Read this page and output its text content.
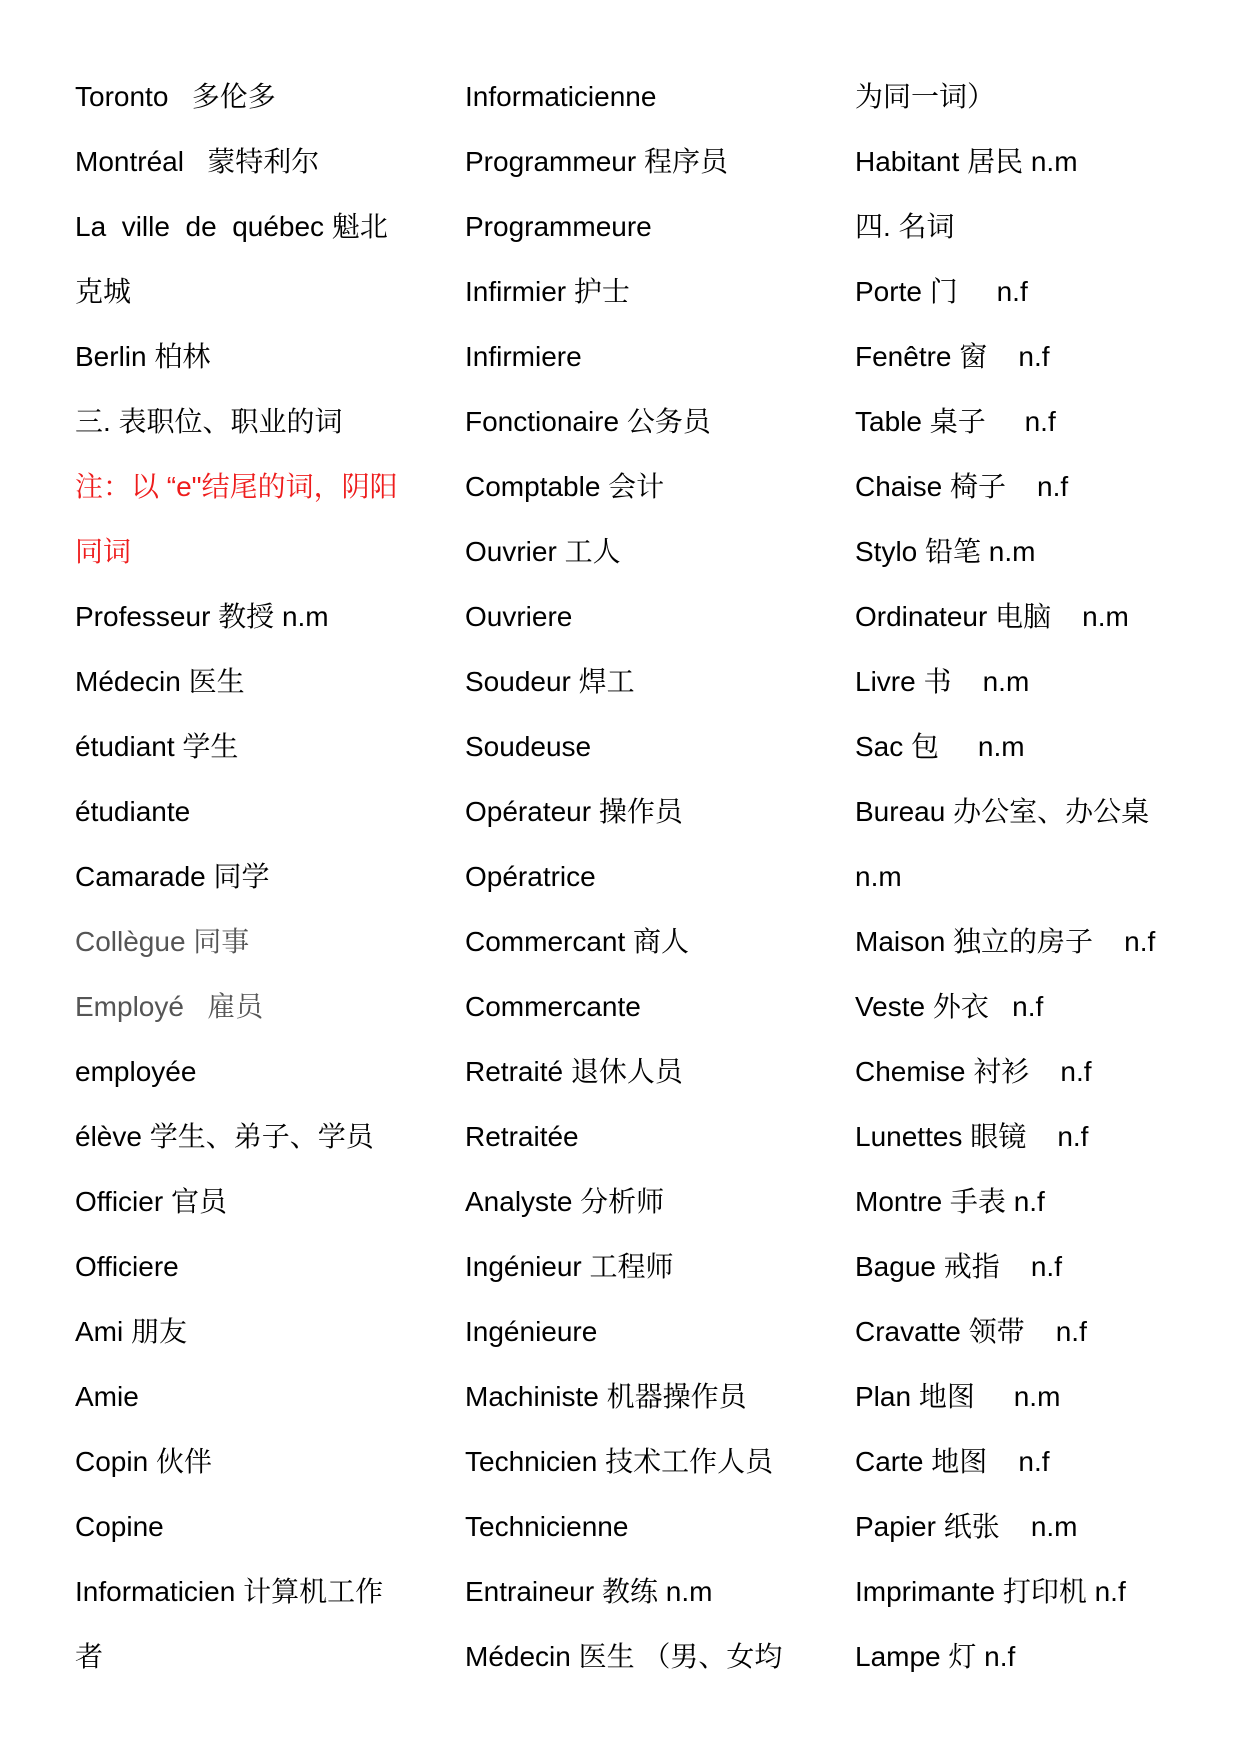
Toronto   多伦多
Montréal   蒙特利尔
La  ville  de  québec 魁北
克城
Berlin 柏林
三. 表职位、职业的词
注：以 “e"结尾的词，阴阳
同词
Professeur 教授 n.m
Médecin 医生
étudiant 学生
étudiante
Camarade 同学
Collègue 同事
Employé   雇员
employée
élève 学生、弟子、学员
Officier 官员
Officiere
Ami 朋友
Amie
Copin 伙伴
Copine
Informaticien 计算机工作
者
Informaticienne
Programmeur 程序员
Programmeure
Infirmier 护士
Infirmiere
Fonctionaire 公务员
Comptable 会计
Ouvrier 工人
Ouvriere
Soudeur 焊工
Soudeuse
Opérateur 操作员
Opératrice
Commercant 商人
Commercante
Retraité 退休人员
Retraitée
Analyste 分析师
Ingénieur 工程师
Ingénieure
Machiniste 机器操作员
Technicien 技术工作人员
Technicienne
Entraineur 教练 n.m
Médecin 医生 （男、女均
为同一词）
Habitant 居民 n.m
四. 名词
Porte 门     n.f
Fenêtre 窗    n.f
Table 桌子     n.f
Chaise 椅子    n.f
Stylo 铅笔 n.m
Ordinateur 电脑    n.m
Livre 书    n.m
Sac 包     n.m
Bureau 办公室、办公桌
n.m
Maison 独立的房子    n.f
Veste 外衣   n.f
Chemise 衬衫    n.f
Lunettes 眼镜    n.f
Montre 手表 n.f
Bague 戒指    n.f
Cravatte 领带    n.f
Plan 地图     n.m
Carte 地图    n.f
Papier 纸张    n.m
Imprimante 打印机 n.f
Lampe 灯 n.f
